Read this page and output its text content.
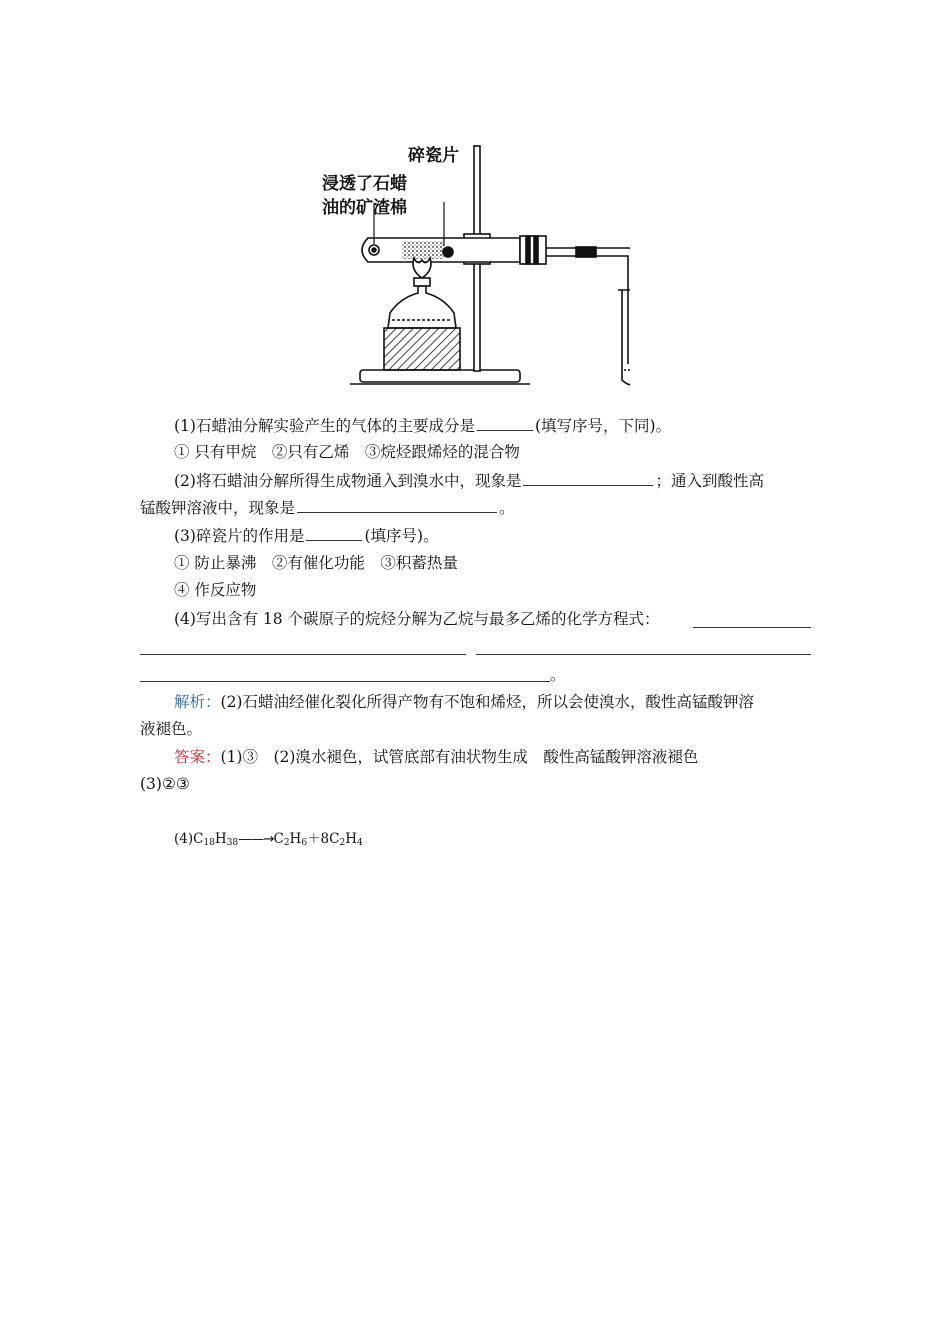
碎瓷片
浸透了石蜡
油的矿渣棉
(1)石蜡油分解实验产生的气体的主要成分是	(填写序号，下同)。
① 只有甲烷　②只有乙烯　③烷烃跟烯烃的混合物
(2)将石蜡油分解所得生成物通入到溴水中，现象是	；通入到酸性高
锰酸钾溶液中，现象是	。
(3)碎瓷片的作用是	(填序号)。
① 防止暴沸　②有催化功能　③积蓄热量
④ 作反应物
(4)写出含有 18 个碳原子的烷烃分解为乙烷与最多乙烯的化学方程式：
。
解析：(2)石蜡油经催化裂化所得产物有不饱和烯烃，所以会使溴水，酸性高锰酸钾溶
液褪色。
答案：(1)③　(2)溴水褪色，试管底部有油状物生成　酸性高锰酸钾溶液褪色
(3)②③
$(4)C_{18}H_{38}——\to C_2H_6+8C_2H_4$
